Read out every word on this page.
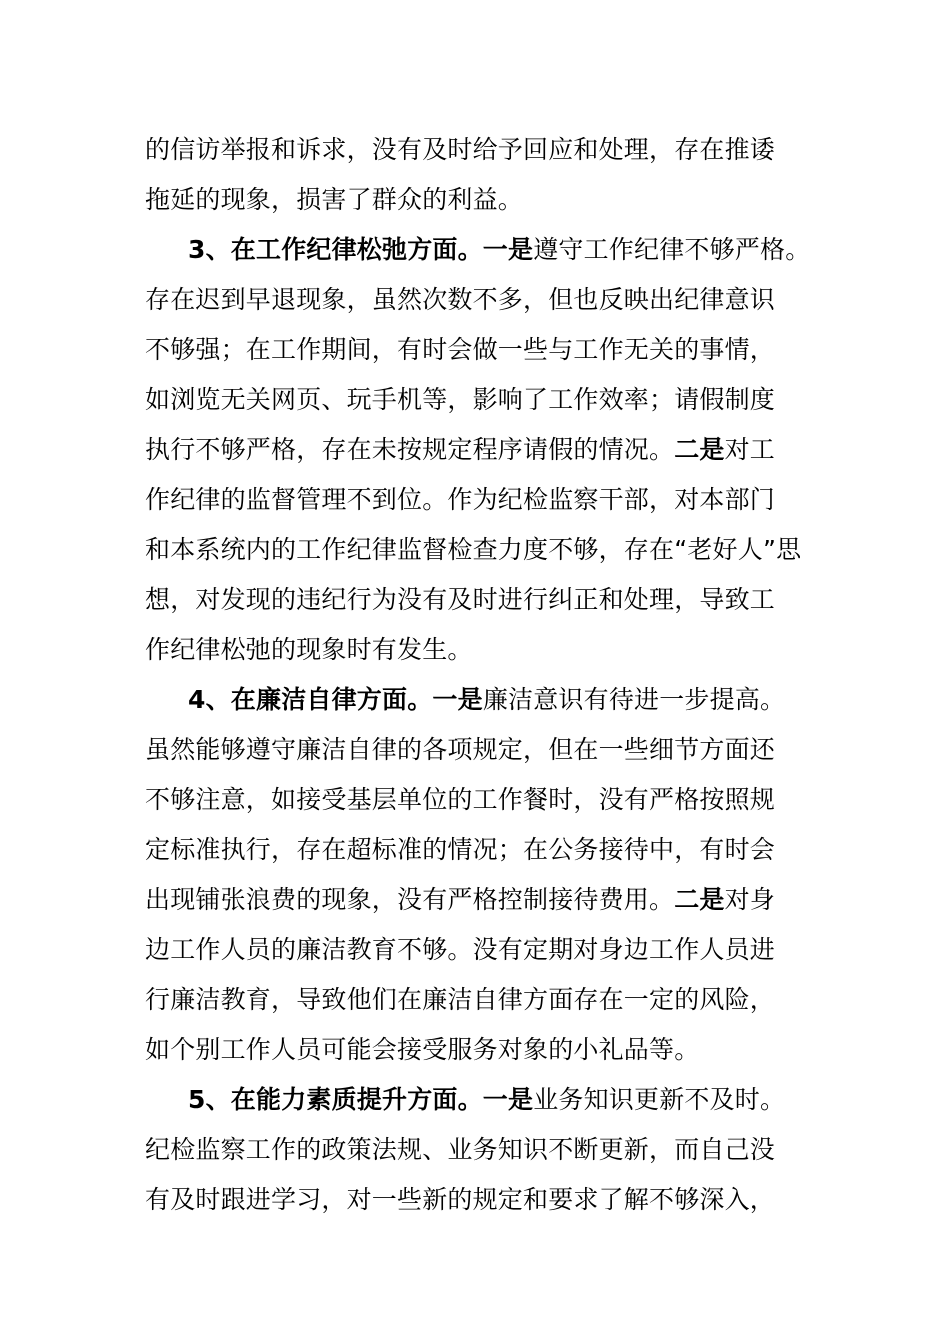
的信访举报和诉求，没有及时给予回应和处理，存在推诿
拖延的现象，损害了群众的利益。
3、在工作纪律松弛方面。一是遵守工作纪律不够严格。
存在迟到早退现象，虽然次数不多，但也反映出纪律意识
不够强；在工作期间，有时会做一些与工作无关的事情，
如浏览无关网页、玩手机等，影响了工作效率；请假制度
执行不够严格，存在未按规定程序请假的情况。二是对工
作纪律的监督管理不到位。作为纪检监察干部，对本部门
和本系统内的工作纪律监督检查力度不够，存在“老好人”思
想，对发现的违纪行为没有及时进行纠正和处理，导致工
作纪律松弛的现象时有发生。
4、在廉洁自律方面。一是廉洁意识有待进一步提高。
虽然能够遵守廉洁自律的各项规定，但在一些细节方面还
不够注意，如接受基层单位的工作餐时，没有严格按照规
定标准执行，存在超标准的情况；在公务接待中，有时会
出现铺张浪费的现象，没有严格控制接待费用。二是对身
边工作人员的廉洁教育不够。没有定期对身边工作人员进
行廉洁教育，导致他们在廉洁自律方面存在一定的风险，
如个别工作人员可能会接受服务对象的小礼品等。
5、在能力素质提升方面。一是业务知识更新不及时。
纪检监察工作的政策法规、业务知识不断更新，而自己没
有及时跟进学习，对一些新的规定和要求了解不够深入，
